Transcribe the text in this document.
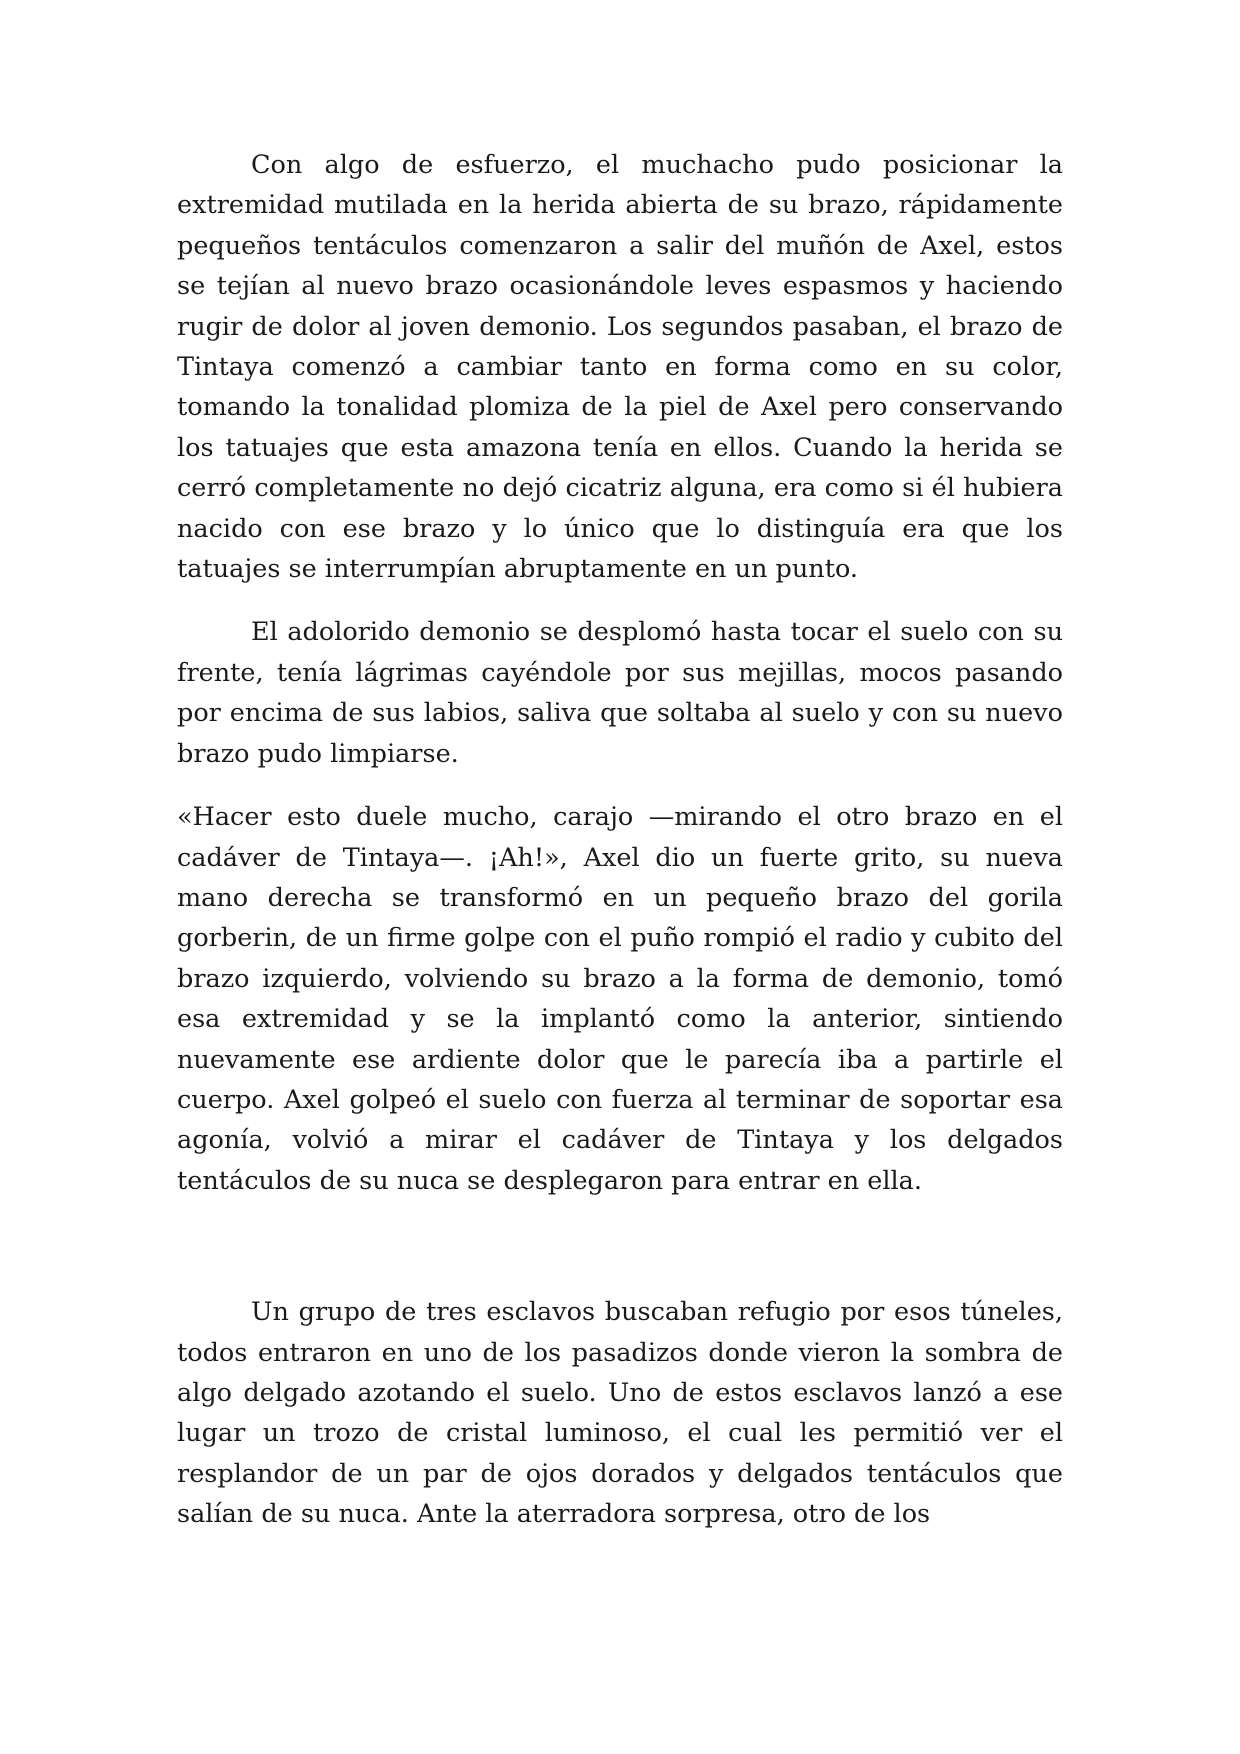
Con algo de esfuerzo, el muchacho pudo posicionar la extremidad mutilada en la herida abierta de su brazo, rápidamente pequeños tentáculos comenzaron a salir del muñón de Axel, estos se tejían al nuevo brazo ocasionándole leves espasmos y haciendo rugir de dolor al joven demonio. Los segundos pasaban, el brazo de Tintaya comenzó a cambiar tanto en forma como en su color, tomando la tonalidad plomiza de la piel de Axel pero conservando los tatuajes que esta amazona tenía en ellos. Cuando la herida se cerró completamente no dejó cicatriz alguna, era como si él hubiera nacido con ese brazo y lo único que lo distinguía era que los tatuajes se interrumpían abruptamente en un punto.

El adolorido demonio se desplomó hasta tocar el suelo con su frente, tenía lágrimas cayéndole por sus mejillas, mocos pasando por encima de sus labios, saliva que soltaba al suelo y con su nuevo brazo pudo limpiarse.

«Hacer esto duele mucho, carajo —mirando el otro brazo en el cadáver de Tintaya—. ¡Ah!», Axel dio un fuerte grito, su nueva mano derecha se transformó en un pequeño brazo del gorila gorberin, de un firme golpe con el puño rompió el radio y cubito del brazo izquierdo, volviendo su brazo a la forma de demonio, tomó esa extremidad y se la implantó como la anterior, sintiendo nuevamente ese ardiente dolor que le parecía iba a partirle el cuerpo. Axel golpeó el suelo con fuerza al terminar de soportar esa agonía, volvió a mirar el cadáver de Tintaya y los delgados tentáculos de su nuca se desplegaron para entrar en ella.

Un grupo de tres esclavos buscaban refugio por esos túneles, todos entraron en uno de los pasadizos donde vieron la sombra de algo delgado azotando el suelo. Uno de estos esclavos lanzó a ese lugar un trozo de cristal luminoso, el cual les permitió ver el resplandor de un par de ojos dorados y delgados tentáculos que salían de su nuca. Ante la aterradora sorpresa, otro de los
